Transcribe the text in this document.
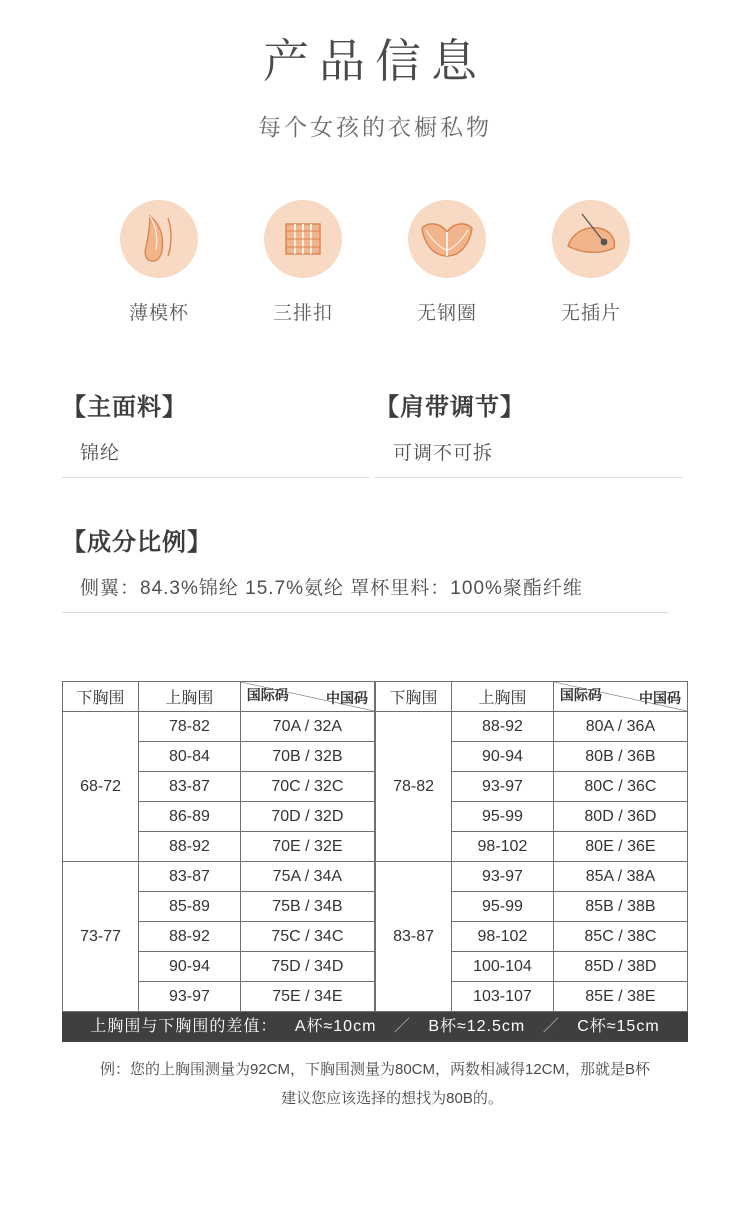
产品信息
每个女孩的衣橱私物
薄模杯	三排扣	无钢圈	无插片
【主面料】
锦纶
【肩带调节】
可调不可拆
【成分比例】
侧翼：84.3%锦纶 15.7%氨纶 罩杯里料：100%聚酯纤维
下胸围	上胸围	国际码 中国码

68-72	78-82	70A / 32A
	80-84	70B / 32B
	83-87	70C / 32C
	86-89	70D / 32D
	88-92	70E / 32E
73-77	83-87	75A / 34A
	85-89	75B / 34B
	88-92	75C / 34C
	90-94	75D / 34D
	93-97	75E / 34E
下胸围	上胸围	国际码 中国码

78-82	88-92	80A / 36A
	90-94	80B / 36B
	93-97	80C / 36C
	95-99	80D / 36D
	98-102	80E / 36E
83-87	93-97	85A / 38A
	95-99	85B / 38B
	98-102	85C / 38C
	100-104	85D / 38D
	103-107	85E / 38E
上胸围与下胸围的差值： A杯≈10cm ／ B杯≈12.5cm ／ C杯≈15cm
例：您的上胸围测量为92CM，下胸围测量为80CM，两数相减得12CM，那就是B杯
建议您应该选择的想找为80B的。
